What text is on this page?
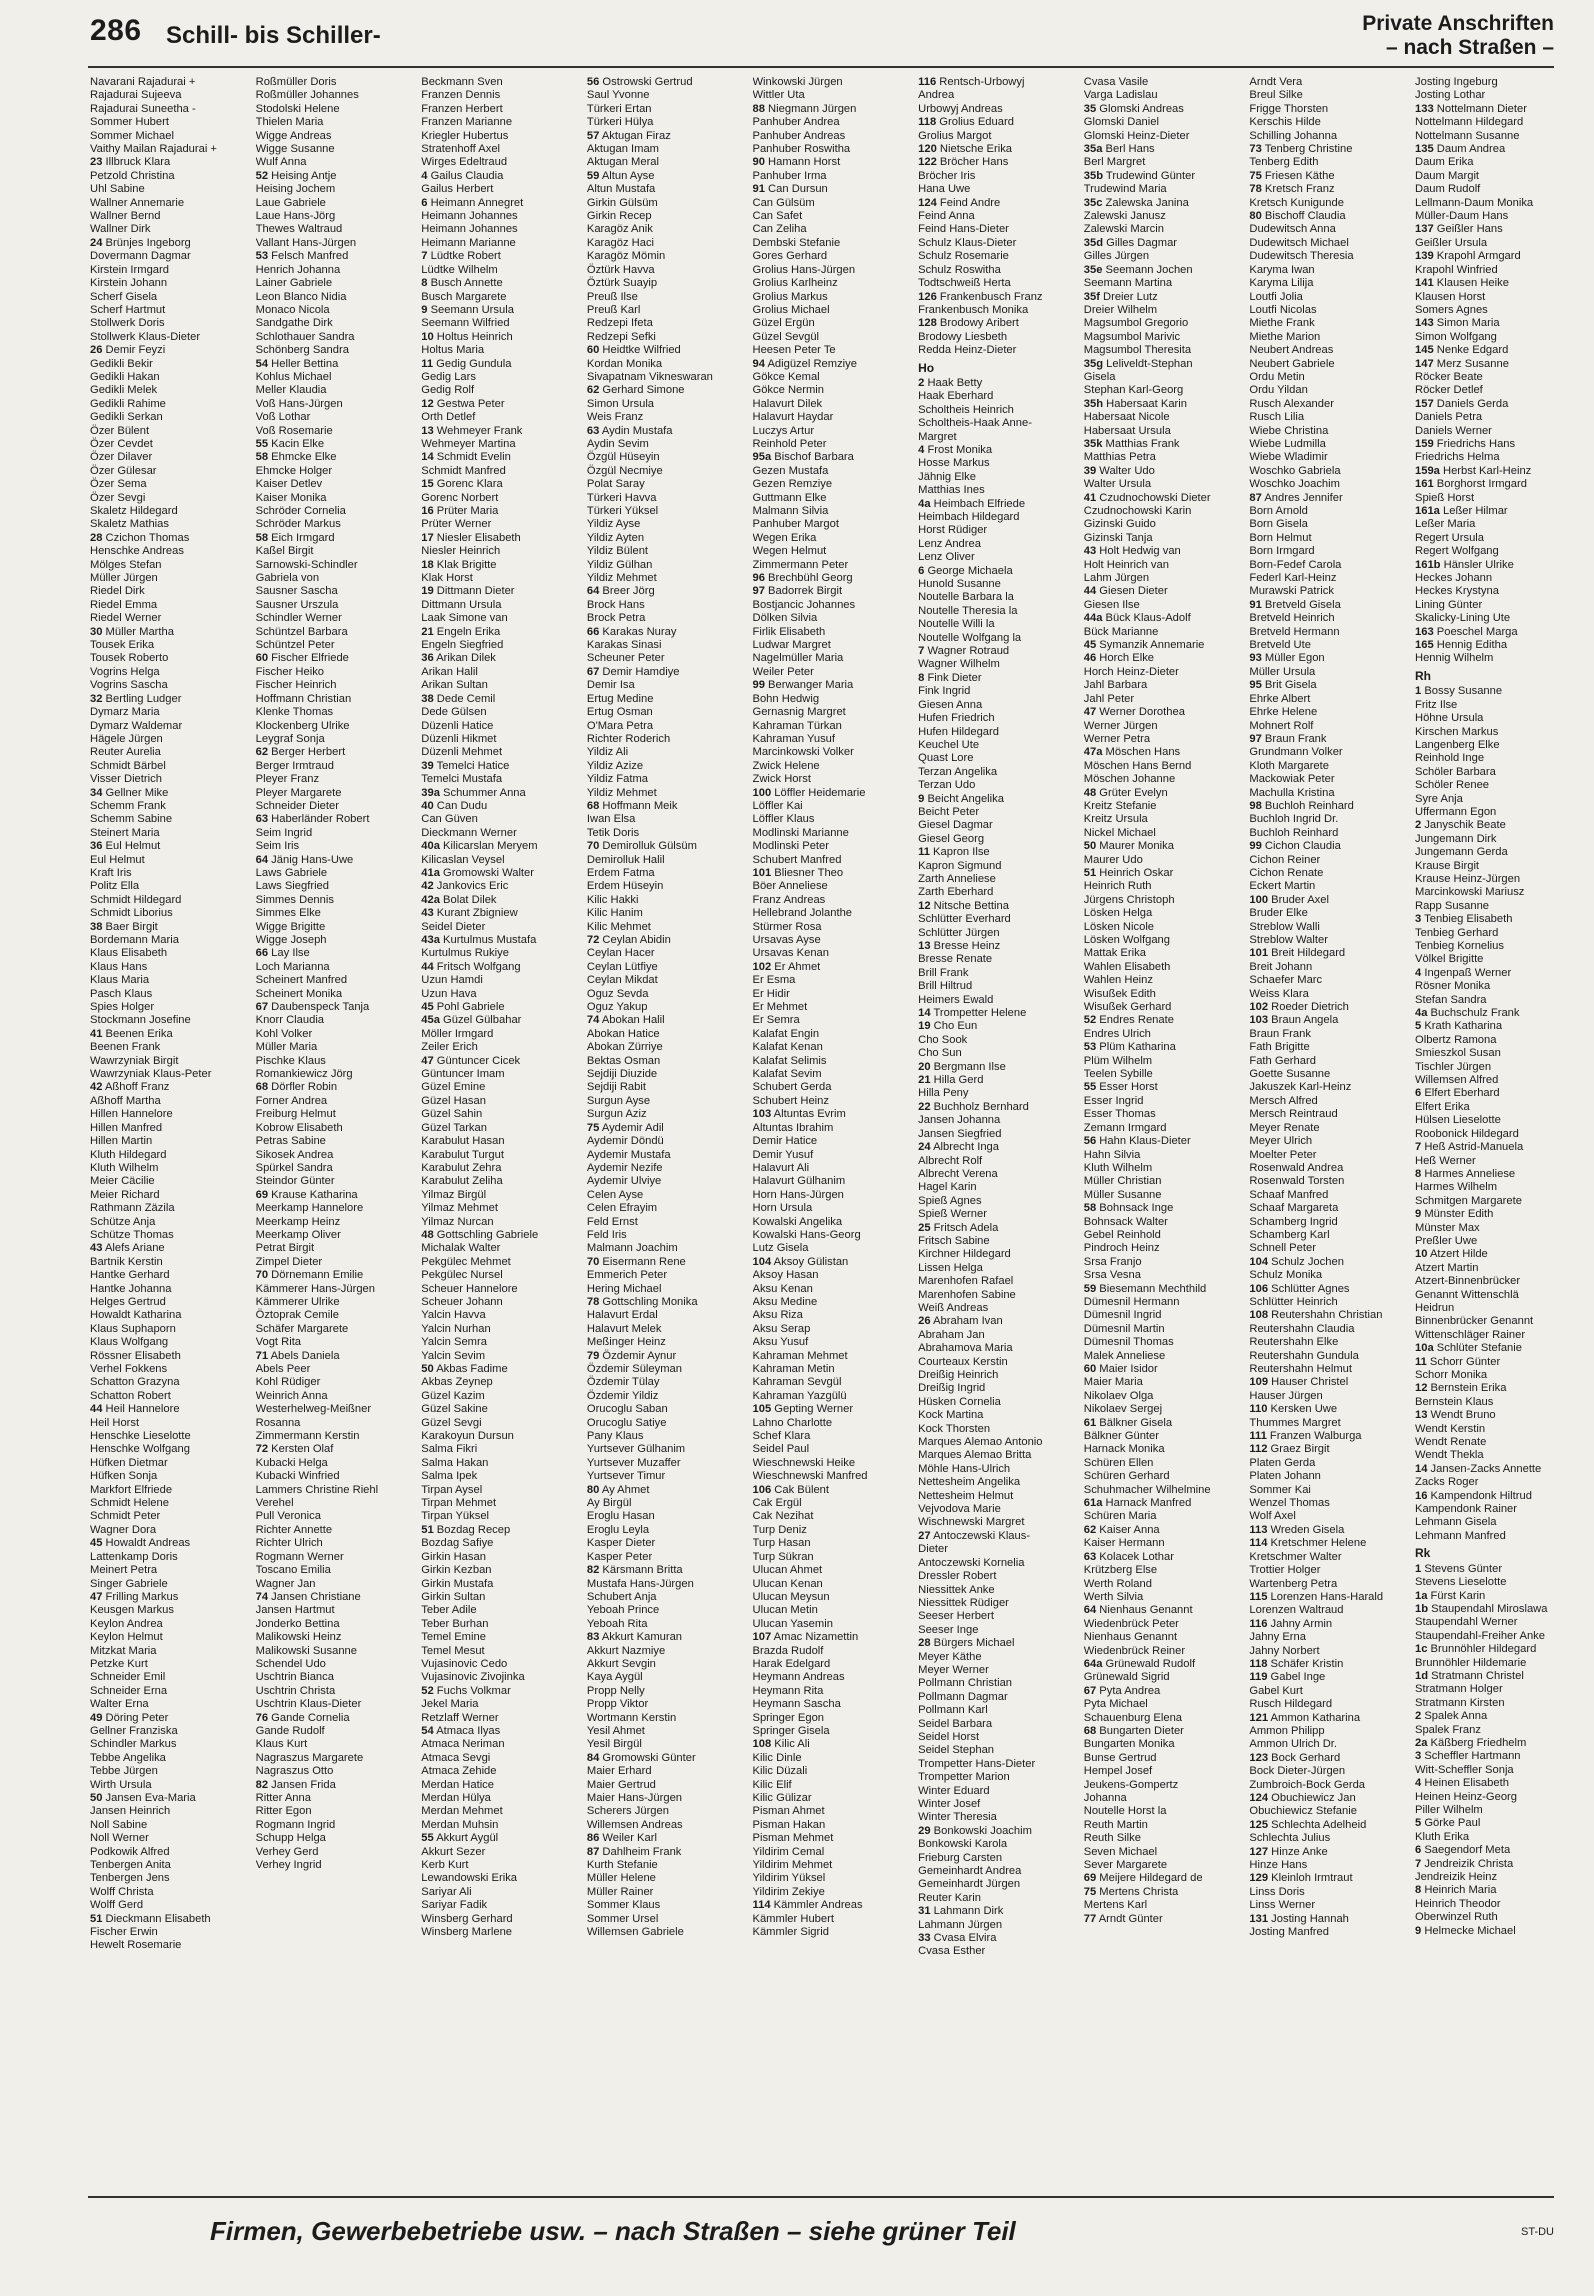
286 Schill- bis Schiller-	Private Anschriften
– nach Straßen –
Navarani Rajadurai +
Rajadurai Sujeeva
Rajadurai Suneetha -
Sommer Hubert
Sommer Michael
Vaithy Mailan Rajadurai +
23 Illbruck Klara
Petzold Christina
Uhl Sabine
Wallner Annemarie
Wallner Bernd
Wallner Dirk
24 Brünjes Ingeborg
Dovermann Dagmar
Kirstein Irmgard
Kirstein Johann
Scherf Gisela
Scherf Hartmut
Stollwerk Doris
Stollwerk Klaus-Dieter
26 Demir Feyzi
Gedikli Bekir
Gedikli Hakan
Gedikli Melek
Gedikli Rahime
Gedikli Serkan
Özer Bülent
Özer Cevdet
Özer Dilaver
Özer Gülesar
Özer Sema
Özer Sevgi
Skaletz Hildegard
Skaletz Mathias
28 Czichon Thomas
Henschke Andreas
Mölges Stefan
Müller Jürgen
Riedel Dirk
Riedel Emma
Riedel Werner
30 Müller Martha
Tousek Erika
Tousek Roberto
Vogrins Helga
Vogrins Sascha
32 Bertling Ludger
Dymarz Maria
Dymarz Waldemar
Hägele Jürgen
Reuter Aurelia
Schmidt Bärbel
Visser Dietrich
34 Gellner Mike
Schemm Frank
Schemm Sabine
Steinert Maria
36 Eul Helmut
Eul Helmut
Kraft Iris
Politz Ella
Schmidt Hildegard
Schmidt Liborius
38 Baer Birgit
Bordemann Maria
Klaus Elisabeth
Klaus Hans
Klaus Maria
Pasch Klaus
Spies Holger
Stockmann Josefine
41 Beenen Erika
Beenen Frank
Wawrzyniak Birgit
Wawrzyniak Klaus-Peter
42 Aßhoff Franz
Aßhoff Martha
Hillen Hannelore
Hillen Manfred
Hillen Martin
Kluth Hildegard
Kluth Wilhelm
Meier Cäcilie
Meier Richard
Rathmann Zäzila
Schütze Anja
Schütze Thomas
43 Alefs Ariane
Bartnik Kerstin
Hantke Gerhard
Hantke Johanna
Helges Gertrud
Howaldt Katharina
Klaus Suphaporn
Klaus Wolfgang
Rössner Elisabeth
Verhel Fokkens
Schatton Grazyna
Schatton Robert
44 Heil Hannelore
Heil Horst
Henschke Lieselotte
Henschke Wolfgang
Hüfken Dietmar
Hüfken Sonja
Markfort Elfriede
Schmidt Helene
Schmidt Peter
Wagner Dora
45 Howaldt Andreas
Lattenkamp Doris
Meinert Petra
Singer Gabriele
47 Frilling Markus
Keusgen Markus
Keylon Andrea
Keylon Helmut
Mitzkat Maria
Petzke Kurt
Schneider Emil
Schneider Erna
Walter Erna
49 Döring Peter
Gellner Franziska
Schindler Markus
Tebbe Angelika
Tebbe Jürgen
Wirth Ursula
50 Jansen Eva-Maria
Jansen Heinrich
Noll Sabine
Noll Werner
Podkowik Alfred
Tenbergen Anita
Tenbergen Jens
Wolff Christa
Wolff Gerd
51 Dieckmann Elisabeth
Fischer Erwin
Hewelt Rosemarie
Roßmüller Doris
Roßmüller Johannes
Stodolski Helene
Thielen Maria
Wigge Andreas
Wigge Susanne
Wulf Anna
52 Heising Antje
Heising Jochem
Laue Gabriele
Laue Hans-Jörg
Thewes Waltraud
Vallant Hans-Jürgen
53 Felsch Manfred
Henrich Johanna
Lainer Gabriele
Leon Blanco Nidia
Monaco Nicola
Sandgathe Dirk
Schlothauer Sandra
Schönberg Sandra
54 Heller Bettina
Kohlus Michael
Meller Klaudia
Voß Hans-Jürgen
Voß Lothar
Voß Rosemarie
55 Kacin Elke
58 Ehmcke Elke
Ehmcke Holger
Kaiser Detlev
Kaiser Monika
Schröder Cornelia
Schröder Markus
58 Eich Irmgard
Kaßel Birgit
Sarnowski-Schindler
Gabriela von
Sausner Sascha
Sausner Urszula
Schindler Werner
Schüntzel Barbara
Schüntzel Peter
60 Fischer Elfriede
Fischer Heiko
Fischer Heinrich
Hoffmann Christian
Klenke Thomas
Klockenberg Ulrike
Leygraf Sonja
62 Berger Herbert
Berger Irmtraud
Pleyer Franz
Pleyer Margarete
Schneider Dieter
63 Haberländer Robert
Seim Ingrid
Seim Iris
64 Jänig Hans-Uwe
Laws Gabriele
Laws Siegfried
Simmes Dennis
Simmes Elke
Wigge Brigitte
Wigge Joseph
66 Lay Ilse
Loch Marianna
Scheinert Manfred
Scheinert Monika
67 Daubenspeck Tanja
Knorr Claudia
Kohl Volker
Müller Maria
Pischke Klaus
Romankiewicz Jörg
68 Dörfler Robin
Forner Andrea
Freiburg Helmut
Kobrow Elisabeth
Petras Sabine
Sikosek Andrea
Spürkel Sandra
Steindor Günter
69 Krause Katharina
Meerkamp Hannelore
Meerkamp Heinz
Meerkamp Oliver
Petrat Birgit
Zimpel Dieter
70 Dörnemann Emilie
Kämmerer Hans-Jürgen
Kämmerer Ulrike
Öztoprak Cemile
Schäfer Margarete
Vogt Rita
71 Abels Daniela
Abels Peer
Kohl Rüdiger
Weinrich Anna
Westerhelweg-Meißner
Rosanna
Zimmermann Kerstin
72 Kersten Olaf
Kubacki Helga
Kubacki Winfried
Lammers Christine Riehl
Verehel
Pull Veronica
Richter Annette
Richter Ulrich
Rogmann Werner
Toscano Emilia
Wagner Jan
74 Jansen Christiane
Jansen Hartmut
Jonderko Bettina
Malikowski Heinz
Malikowski Susanne
Schendel Udo
Uschtrin Bianca
Uschtrin Christa
Uschtrin Klaus-Dieter
76 Gande Cornelia
Gande Rudolf
Klaus Kurt
Nagraszus Margarete
Nagraszus Otto
82 Jansen Frida
Ritter Anna
Ritter Egon
Rogmann Ingrid
Schupp Helga
Verhey Gerd
Verhey Ingrid
Beckmann Sven
Franzen Dennis
Franzen Herbert
Franzen Marianne
Kriegler Hubertus
Stratenhoff Axel
Wirges Edeltraud
4 Gailus Claudia
Gailus Herbert
6 Heimann Annegret
Heimann Johannes
Heimann Johannes
Heimann Marianne
7 Lüdtke Robert
Lüdtke Wilhelm
8 Busch Annette
Busch Margarete
9 Seemann Ursula
Seemann Wilfried
10 Holtus Heinrich
Holtus Maria
11 Gedig Gundula
Gedig Lars
Gedig Rolf
12 Gestwa Peter
Orth Detlef
13 Wehmeyer Frank
Wehmeyer Martina
14 Schmidt Evelin
Schmidt Manfred
15 Gorenc Klara
Gorenc Norbert
16 Prüter Maria
Prüter Werner
17 Niesler Elisabeth
Niesler Heinrich
18 Klak Brigitte
Klak Horst
19 Dittmann Dieter
Dittmann Ursula
Laak Simone van
21 Engeln Erika
Engeln Siegfried
36 Arikan Dilek
Arikan Halil
Arikan Sultan
38 Dede Cemil
Dede Gülsen
Düzenli Hatice
Düzenli Hikmet
Düzenli Mehmet
39 Temelci Hatice
Temelci Mustafa
39a Schummer Anna
40 Can Dudu
Can Güven
Dieckmann Werner
40a Kilicarslan Meryem
Kilicaslan Veysel
41a Gromowski Walter
42 Jankovics Eric
42a Bolat Dilek
43 Kurant Zbigniew
Seidel Dieter
43a Kurtulmus Mustafa
Kurtulmus Rukiye
44 Fritsch Wolfgang
Uzun Hamdi
Uzun Hava
45 Pohl Gabriele
45a Güzel Gülbahar
Möller Irmgard
Zeiler Erich
47 Güntuncer Cicek
Güntuncer Imam
Güzel Emine
Güzel Hasan
Güzel Sahin
Güzel Tarkan
Karabulut Hasan
Karabulut Turgut
Karabulut Zehra
Karabulut Zeliha
Yilmaz Birgül
Yilmaz Mehmet
Yilmaz Nurcan
48 Gottschling Gabriele
Michalak Walter
Pekgülec Mehmet
Pekgülec Nursel
Scheuer Hannelore
Scheuer Johann
Yalcin Havva
Yalcin Nurhan
Yalcin Semra
Yalcin Sevim
50 Akbas Fadime
Akbas Zeynep
Güzel Kazim
Güzel Sakine
Güzel Sevgi
Karakoyun Dursun
Salma Fikri
Salma Hakan
Salma Ipek
Tirpan Aysel
Tirpan Mehmet
Tirpan Yüksel
51 Bozdag Recep
Bozdag Safiye
Girkin Hasan
Girkin Kezban
Girkin Mustafa
Girkin Sultan
Teber Adile
Teber Burhan
Temel Emine
Temel Mesut
Vujasinovic Cedo
Vujasinovic Zivojinka
52 Fuchs Volkmar
Jekel Maria
Retzlaff Werner
54 Atmaca Ilyas
Atmaca Neriman
Atmaca Sevgi
Atmaca Zehide
Merdan Hatice
Merdan Hülya
Merdan Mehmet
Merdan Muhsin
55 Akkurt Aygül
Akkurt Sezer
Kerb Kurt
Lewandowski Erika
Sariyar Ali
Sariyar Fadik
Winsberg Gerhard
Winsberg Marlene
56 Ostrowski Gertrud
Saul Yvonne
Türkeri Ertan
Türkeri Hülya
57 Aktugan Firaz
Aktugan Imam
Aktugan Meral
59 Altun Ayse
Altun Mustafa
Girkin Gülsüm
Girkin Recep
Karagöz Anik
Karagöz Haci
Karagöz Mömin
Öztürk Havva
Öztürk Suayip
Preuß Ilse
Preuß Karl
Redzepi Ifeta
Redzepi Sefki
60 Heidtke Wilfried
Kordan Monika
Sivapatnam Vikneswaran
62 Gerhard Simone
Simon Ursula
Weis Franz
63 Aydin Mustafa
Aydin Sevim
Özgül Hüseyin
Özgül Necmiye
Polat Saray
Türkeri Havva
Türkeri Yüksel
Yildiz Ayse
Yildiz Ayten
Yildiz Bülent
Yildiz Gülhan
Yildiz Mehmet
64 Breer Jörg
Brock Hans
Brock Petra
66 Karakas Nuray
Karakas Sinasi
Scheuner Peter
67 Demir Hamdiye
Demir Isa
Ertug Medine
Ertug Osman
O'Mara Petra
Richter Roderich
Yildiz Ali
Yildiz Azize
Yildiz Fatma
Yildiz Mehmet
68 Hoffmann Meik
Iwan Elsa
Tetik Doris
70 Demirolluk Gülsüm
Demirolluk Halil
Erdem Fatma
Erdem Hüseyin
Kilic Hakki
Kilic Hanim
Kilic Mehmet
72 Ceylan Abidin
Ceylan Hacer
Ceylan Lütfiye
Ceylan Mikdat
Oguz Sevda
Oguz Yakup
74 Abokan Halil
Abokan Hatice
Abokan Zürriye
Bektas Osman
Sejdiji Diuzide
Sejdiji Rabit
Surgun Ayse
Surgun Aziz
75 Aydemir Adil
Aydemir Döndü
Aydemir Mustafa
Aydemir Nezife
Aydemir Ulviye
Celen Ayse
Celen Efrayim
Feld Ernst
Feld Iris
Malmann Joachim
70 Eisermann Rene
Emmerich Peter
Hering Michael
78 Gottschling Monika
Halavurt Erdal
Halavurt Melek
Meßinger Heinz
79 Özdemir Aynur
Özdemir Süleyman
Özdemir Tülay
Özdemir Yildiz
Orucoglu Saban
Orucoglu Satiye
Pany Klaus
Yurtsever Gülhanim
Yurtsever Muzaffer
Yurtsever Timur
80 Ay Ahmet
Ay Birgül
Eroglu Hasan
Eroglu Leyla
Kasper Dieter
Kasper Peter
82 Kärsmann Britta
Mustafa Hans-Jürgen
Schubert Anja
Yeboah Prince
Yeboah Rita
83 Akkurt Kamuran
Akkurt Nazmiye
Akkurt Sevgin
Kaya Aygül
Propp Nelly
Propp Viktor
Wortmann Kerstin
Yesil Ahmet
Yesil Birgül
84 Gromowski Günter
Maier Erhard
Maier Gertrud
Maier Hans-Jürgen
Scherers Jürgen
Willemsen Andreas
86 Weiler Karl
87 Dahlheim Frank
Kurth Stefanie
Müller Helene
Müller Rainer
Sommer Klaus
Sommer Ursel
Willemsen Gabriele
Winkowski Jürgen
Wittler Uta
88 Niegmann Jürgen
Panhuber Andrea
Panhuber Andreas
Panhuber Roswitha
90 Hamann Horst
Panhuber Irma
91 Can Dursun
Can Gülsüm
Can Safet
Can Zeliha
Dembski Stefanie
Gores Gerhard
Grolius Hans-Jürgen
Grolius Karlheinz
Grolius Markus
Grolius Michael
Güzel Ergün
Güzel Sevgül
Heesen Peter Te
94 Adigüzel Remziye
Gökce Kemal
Gökce Nermin
Halavurt Dilek
Halavurt Haydar
Luczys Artur
Reinhold Peter
95a Bischof Barbara
Gezen Mustafa
Gezen Remziye
Guttmann Elke
Malmann Silvia
Panhuber Margot
Wegen Erika
Wegen Helmut
Zimmermann Peter
96 Brechbühl Georg
97 Badorrek Birgit
Bostjancic Johannes
Dölken Silvia
Firlik Elisabeth
Ludwar Margret
Nagelmüller Maria
Weiler Peter
99 Berwanger Maria
Bohn Hedwig
Gernasnig Margret
Kahraman Türkan
Kahraman Yusuf
Marcinkowski Volker
Zwick Helene
Zwick Horst
100 Löffler Heidemarie
Löffler Kai
Löffler Klaus
Modlinski Marianne
Modlinski Peter
Schubert Manfred
101 Bliesner Theo
Böer Anneliese
Franz Andreas
Hellebrand Jolanthe
Stürmer Rosa
Ursavas Ayse
Ursavas Kenan
102 Er Ahmet
Er Esma
Er Hidir
Er Mehmet
Er Semra
Kalafat Engin
Kalafat Kenan
Kalafat Selimis
Kalafat Sevim
Schubert Gerda
Schubert Heinz
103 Altuntas Evrim
Altuntas Ibrahim
Demir Hatice
Demir Yusuf
Halavurt Ali
Halavurt Gülhanim
Horn Hans-Jürgen
Horn Ursula
Kowalski Angelika
Kowalski Hans-Georg
Lutz Gisela
104 Aksoy Gülistan
Aksoy Hasan
Aksu Kenan
Aksu Medine
Aksu Riza
Aksu Serap
Aksu Yusuf
Kahraman Mehmet
Kahraman Metin
Kahraman Sevgül
Kahraman Yazgülü
105 Gepting Werner
Lahno Charlotte
Schef Klara
Seidel Paul
Wieschnewski Heike
Wieschnewski Manfred
106 Cak Bülent
Cak Ergül
Cak Nezihat
Turp Deniz
Turp Hasan
Turp Sükran
Ulucan Ahmet
Ulucan Kenan
Ulucan Meysun
Ulucan Metin
Ulucan Yasemin
107 Amac Nizamettin
Brazda Rudolf
Harak Edelgard
Heymann Andreas
Heymann Rita
Heymann Sascha
Springer Egon
Springer Gisela
108 Kilic Ali
Kilic Dinle
Kilic Düzali
Kilic Elif
Kilic Gülizar
Pisman Ahmet
Pisman Hakan
Pisman Mehmet
Yildirim Cemal
Yildirim Mehmet
Yildirim Yüksel
Yildirim Zekiye
114 Kämmler Andreas
Kämmler Hubert
Kämmler Sigrid
116 Rentsch-Urbowyj
Andrea
Urbowyj Andreas
118 Grolius Eduard
Grolius Margot
120 Nietsche Erika
122 Bröcher Hans
Bröcher Iris
Hana Uwe
124 Feind Andre
Feind Anna
Feind Hans-Dieter
Schulz Klaus-Dieter
Schulz Rosemarie
Schulz Roswitha
Todtschweiß Herta
126 Frankenbusch Franz
Frankenbusch Monika
128 Brodowy Aribert
Brodowy Liesbeth
Redda Heinz-Dieter
Ho
2 Haak Betty
Haak Eberhard
Scholtheis Heinrich
Scholtheis-Haak Anne-
Margret
4 Frost Monika
Hosse Markus
Jähnig Elke
Matthias Ines
4a Heimbach Elfriede
Heimbach Hildegard
Horst Rüdiger
Lenz Andrea
Lenz Oliver
6 George Michaela
Hunold Susanne
Noutelle Barbara la
Noutelle Theresia la
Noutelle Willi la
Noutelle Wolfgang la
7 Wagner Rotraud
Wagner Wilhelm
8 Fink Dieter
Fink Ingrid
Giesen Anna
Hufen Friedrich
Hufen Hildegard
Keuchel Ute
Quast Lore
Terzan Angelika
Terzan Udo
9 Beicht Angelika
Beicht Peter
Giesel Dagmar
Giesel Georg
11 Kapron Ilse
Kapron Sigmund
Zarth Anneliese
Zarth Eberhard
12 Nitsche Bettina
Schlütter Everhard
Schlütter Jürgen
13 Bresse Heinz
Bresse Renate
Brill Frank
Brill Hiltrud
Heimers Ewald
14 Trompetter Helene
19 Cho Eun
Cho Sook
Cho Sun
20 Bergmann Ilse
21 Hilla Gerd
Hilla Peny
22 Buchholz Bernhard
Jansen Johanna
Jansen Siegfried
24 Albrecht Inga
Albrecht Rolf
Albrecht Verena
Hagel Karin
Spieß Agnes
Spieß Werner
25 Fritsch Adela
Fritsch Sabine
Kirchner Hildegard
Lissen Helga
Marenhofen Rafael
Marenhofen Sabine
Weiß Andreas
26 Abraham Ivan
Abraham Jan
Abrahamova Maria
Courteaux Kerstin
Dreißig Heinrich
Dreißig Ingrid
Hüsken Cornelia
Kock Martina
Kock Thorsten
Marques Alemao Antonio
Marques Alemao Britta
Möhle Hans-Ulrich
Nettesheim Angelika
Nettesheim Helmut
Vejvodova Marie
Wischnewski Margret
27 Antoczewski Klaus-
Dieter
Antoczewski Kornelia
Dressler Robert
Niessittek Anke
Niessittek Rüdiger
Seeser Herbert
Seeser Inge
28 Bürgers Michael
Meyer Käthe
Meyer Werner
Pollmann Christian
Pollmann Dagmar
Pollmann Karl
Seidel Barbara
Seidel Horst
Seidel Stephan
Trompetter Hans-Dieter
Trompetter Marion
Winter Eduard
Winter Josef
Winter Theresia
29 Bonkowski Joachim
Bonkowski Karola
Frieburg Carsten
Gemeinhardt Andrea
Gemeinhardt Jürgen
Reuter Karin
31 Lahmann Dirk
Lahmann Jürgen
33 Cvasa Elvira
Cvasa Esther
Cvasa Vasile
Varga Ladislau
35 Glomski Andreas
Glomski Daniel
Glomski Heinz-Dieter
35a Berl Hans
Berl Margret
35b Trudewind Günter
Trudewind Maria
35c Zalewska Janina
Zalewski Janusz
Zalewski Marcin
35d Gilles Dagmar
Gilles Jürgen
35e Seemann Jochen
Seemann Martina
35f Dreier Lutz
Dreier Wilhelm
Magsumbol Gregorio
Magsumbol Marivic
Magsumbol Theresita
35g Leliveldt-Stephan
Gisela
Stephan Karl-Georg
35h Habersaat Karin
Habersaat Nicole
Habersaat Ursula
35k Matthias Frank
Matthias Petra
39 Walter Udo
Walter Ursula
41 Czudnochowski Dieter
Czudnochowski Karin
Gizinski Guido
Gizinski Tanja
43 Holt Hedwig van
Holt Heinrich van
Lahm Jürgen
44 Giesen Dieter
Giesen Ilse
44a Bück Klaus-Adolf
Bück Marianne
45 Symanzik Annemarie
46 Horch Elke
Horch Heinz-Dieter
Jahl Barbara
Jahl Peter
47 Werner Dorothea
Werner Jürgen
Werner Petra
47a Möschen Hans
Möschen Hans Bernd
Möschen Johanne
48 Grüter Evelyn
Kreitz Stefanie
Kreitz Ursula
Nickel Michael
50 Maurer Monika
Maurer Udo
51 Heinrich Oskar
Heinrich Ruth
Jürgens Christoph
Lösken Helga
Lösken Nicole
Lösken Wolfgang
Mattak Erika
Wahlen Elisabeth
Wahlen Heinz
Wisußek Edith
Wisußek Gerhard
52 Endres Renate
Endres Ulrich
53 Plüm Katharina
Plüm Wilhelm
Teelen Sybille
55 Esser Horst
Esser Ingrid
Esser Thomas
Zemann Irmgard
56 Hahn Klaus-Dieter
Hahn Silvia
Kluth Wilhelm
Müller Christian
Müller Susanne
58 Bohnsack Inge
Bohnsack Walter
Gebel Reinhold
Pindroch Heinz
Srsa Franjo
Srsa Vesna
59 Biesemann Mechthild
Dümesnil Hermann
Dümesnil Ingrid
Dümesnil Martin
Dümesnil Thomas
Malek Anneliese
60 Maier Isidor
Maier Maria
Nikolaev Olga
Nikolaev Sergej
61 Bälkner Gisela
Bälkner Günter
Harnack Monika
Schüren Ellen
Schüren Gerhard
Schuhmacher Wilhelmine
61a Harnack Manfred
Schüren Maria
62 Kaiser Anna
Kaiser Hermann
63 Kolacek Lothar
Krützberg Else
Werth Roland
Werth Silvia
64 Nienhaus Genannt
Wiedenbrück Peter
Nienhaus Genannt
Wiedenbrück Reiner
64a Grünewald Rudolf
Grünewald Sigrid
67 Pyta Andrea
Pyta Michael
Schauenburg Elena
68 Bungarten Dieter
Bungarten Monika
Bunse Gertrud
Hempel Josef
Jeukens-Gompertz
Johanna
Noutelle Horst la
Reuth Martin
Reuth Silke
Seven Michael
Sever Margarete
69 Meijere Hildegard de
75 Mertens Christa
Mertens Karl
77 Arndt Günter
Arndt Vera
Breul Silke
Frigge Thorsten
Kerschis Hilde
Schilling Johanna
73 Tenberg Christine
Tenberg Edith
75 Friesen Käthe
78 Kretsch Franz
Kretsch Kunigunde
80 Bischoff Claudia
Dudewitsch Anna
Dudewitsch Michael
Dudewitsch Theresia
Karyma Iwan
Karyma Lilija
Loutfi Jolia
Loutfi Nicolas
Miethe Frank
Miethe Marion
Neubert Andreas
Neubert Gabriele
Ordu Metin
Ordu Yildan
Rusch Alexander
Rusch Lilia
Wiebe Christina
Wiebe Ludmilla
Wiebe Wladimir
Woschko Gabriela
Woschko Joachim
87 Andres Jennifer
Born Arnold
Born Gisela
Born Helmut
Born Irmgard
Born-Fedef Carola
Federl Karl-Heinz
Murawski Patrick
91 Bretveld Gisela
Bretveld Heinrich
Bretveld Hermann
Bretveld Ute
93 Müller Egon
Müller Ursula
95 Brit Gisela
Ehrke Albert
Ehrke Helene
Mohnert Rolf
97 Braun Frank
Grundmann Volker
Kloth Margarete
Mackowiak Peter
Machulla Kristina
98 Buchloh Reinhard
Buchloh Ingrid Dr.
Buchloh Reinhard
99 Cichon Claudia
Cichon Reiner
Cichon Renate
Eckert Martin
100 Bruder Axel
Bruder Elke
Streblow Walli
Streblow Walter
101 Breit Hildegard
Breit Johann
Schaefer Marc
Weiss Klara
102 Roeder Dietrich
103 Braun Angela
Braun Frank
Fath Brigitte
Fath Gerhard
Goette Susanne
Jakuszek Karl-Heinz
Mersch Alfred
Mersch Reintraud
Meyer Renate
Meyer Ulrich
Moelter Peter
Rosenwald Andrea
Rosenwald Torsten
Schaaf Manfred
Schaaf Margareta
Schamberg Ingrid
Schamberg Karl
Schnell Peter
104 Schulz Jochen
Schulz Monika
106 Schlütter Agnes
Schlütter Heinrich
108 Reutershahn Christian
Reutershahn Claudia
Reutershahn Elke
Reutershahn Gundula
Reutershahn Helmut
109 Hauser Christel
Hauser Jürgen
110 Kersken Uwe
Thummes Margret
111 Franzen Walburga
112 Graez Birgit
Platen Gerda
Platen Johann
Sommer Kai
Wenzel Thomas
Wolf Axel
113 Wreden Gisela
114 Kretschmer Helene
Kretschmer Walter
Trottier Holger
Wartenberg Petra
115 Lorenzen Hans-Harald
Lorenzen Waltraud
116 Jahny Armin
Jahny Erna
Jahny Norbert
118 Schäfer Kristin
119 Gabel Inge
Gabel Kurt
Rusch Hildegard
121 Ammon Katharina
Ammon Philipp
Ammon Ulrich Dr.
123 Bock Gerhard
Bock Dieter-Jürgen
Zumbroich-Bock Gerda
124 Obuchiewicz Jan
Obuchiewicz Stefanie
125 Schlechta Adelheid
Schlechta Julius
127 Hinze Anke
Hinze Hans
129 Kleinloh Irmtraut
Linss Doris
Linss Werner
131 Josting Hannah
Josting Manfred
Josting Ingeburg
Josting Lothar
133 Nottelmann Dieter
Nottelmann Hildegard
Nottelmann Susanne
135 Daum Andrea
Daum Erika
Daum Margit
Daum Rudolf
Lellmann-Daum Monika
Müller-Daum Hans
137 Geißler Hans
Geißler Ursula
139 Krapohl Armgard
Krapohl Winfried
141 Klausen Heike
Klausen Horst
Somers Agnes
143 Simon Maria
Simon Wolfgang
145 Nenke Edgard
147 Merz Susanne
Röcker Beate
Röcker Detlef
157 Daniels Gerda
Daniels Petra
Daniels Werner
159 Friedrichs Hans
Friedrichs Helma
159a Herbst Karl-Heinz
161 Borghorst Irmgard
Spieß Horst
161a Leßer Hilmar
Leßer Maria
Regert Ursula
Regert Wolfgang
161b Hänsler Ulrike
Heckes Johann
Heckes Krystyna
Lining Günter
Skalicky-Lining Ute
163 Poeschel Marga
165 Hennig Editha
Hennig Wilhelm
Rh
1 Bossy Susanne
Fritz Ilse
Höhne Ursula
Kirschen Markus
Langenberg Elke
Reinhold Inge
Schöler Barbara
Schöler Renee
Syre Anja
Uffermann Egon
2 Janyschik Beate
Jungemann Dirk
Jungemann Gerda
Krause Birgit
Krause Heinz-Jürgen
Marcinkowski Mariusz
Rapp Susanne
3 Tenbieg Elisabeth
Tenbieg Gerhard
Tenbieg Kornelius
Völkel Brigitte
4 Ingenpaß Werner
Rösner Monika
Stefan Sandra
4a Buchschulz Frank
5 Krath Katharina
Olbertz Ramona
Smieszkol Susan
Tischler Jürgen
Willemsen Alfred
6 Elfert Eberhard
Elfert Erika
Hülsen Lieselotte
Roobonick Hildegard
7 Heß Astrid-Manuela
Heß Werner
8 Harmes Anneliese
Harmes Wilhelm
Schmitgen Margarete
9 Münster Edith
Münster Max
Preßler Uwe
10 Atzert Hilde
Atzert Martin
Atzert-Binnenbrücker
Genannt Wittenschlä
Heidrun
Binnenbrücker Genannt
Wittenschläger Rainer
10a Schlüter Stefanie
11 Schorr Günter
Schorr Monika
12 Bernstein Erika
Bernstein Klaus
13 Wendt Bruno
Wendt Kerstin
Wendt Renate
Wendt Thekla
14 Jansen-Zacks Annette
Zacks Roger
16 Kampendonk Hiltrud
Kampendonk Rainer
Lehmann Gisela
Lehmann Manfred
Rk
1 Stevens Günter
Stevens Lieselotte
1a Fürst Karin
1b Staupendahl Miroslawa
Staupendahl Werner
Staupendahl-Freiher Anke
1c Brunnöhler Hildegard
Brunnöhler Hildemarie
1d Stratmann Christel
Stratmann Holger
Stratmann Kirsten
2 Spalek Anna
Spalek Franz
2a Käßberg Friedhelm
3 Scheffler Hartmann
Witt-Scheffler Sonja
4 Heinen Elisabeth
Heinen Heinz-Georg
Piller Wilhelm
5 Görke Paul
Kluth Erika
6 Saegendorf Meta
7 Jendreizik Christa
Jendreizik Heinz
8 Heinrich Maria
Heinrich Theodor
Oberwinzel Ruth
9 Helmecke Michael
Firmen, Gewerbebetriebe usw. – nach Straßen – siehe grüner Teil	ST-DU
